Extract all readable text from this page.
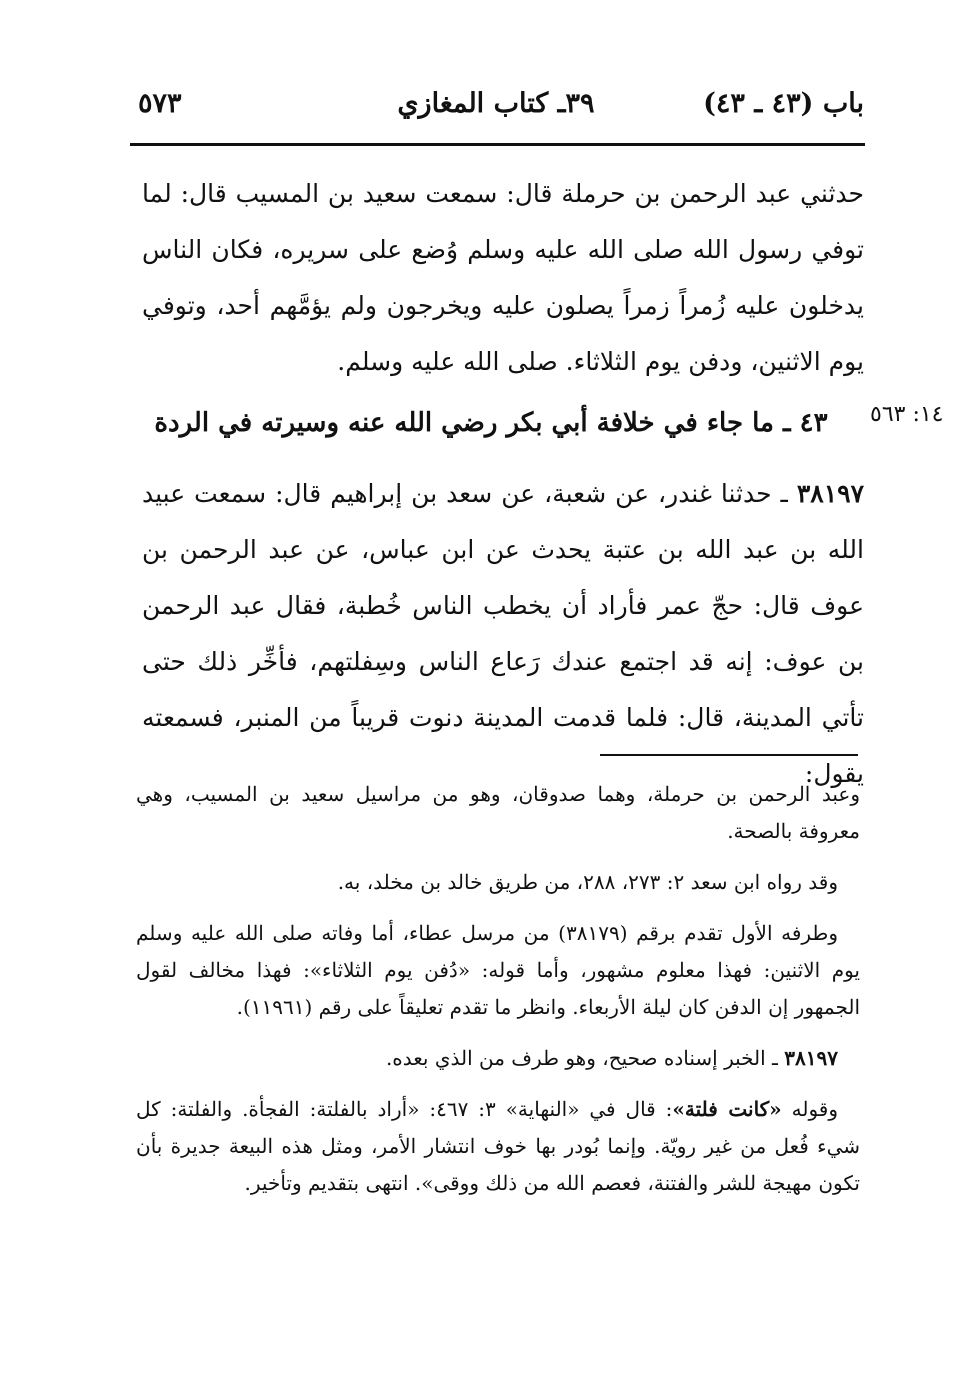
باب (٤٣ ـ ٤٣)
٣٩ـ كتاب المغازي
٥٧٣
حدثني عبد الرحمن بن حرملة قال: سمعت سعيد بن المسيب قال: لما توفي رسول الله صلى الله عليه وسلم وُضع على سريره، فكان الناس يدخلون عليه زُمراً زمراً يصلون عليه ويخرجون ولم يؤمَّهم أحد، وتوفي يوم الاثنين، ودفن يوم الثلاثاء. صلى الله عليه وسلم.
١٤: ٥٦٣
٤٣ ـ ما جاء في خلافة أبي بكر رضي الله عنه وسيرته في الردة
٣٨١٩٧ ـ حدثنا غندر، عن شعبة، عن سعد بن إبراهيم قال: سمعت عبيد الله بن عبد الله بن عتبة يحدث عن ابن عباس، عن عبد الرحمن بن عوف قال: حجّ عمر فأراد أن يخطب الناس خُطبة، فقال عبد الرحمن بن عوف: إنه قد اجتمع عندك رَعاع الناس وسِفلتهم، فأخِّر ذلك حتى تأتي المدينة، قال: فلما قدمت المدينة دنوت قريباً من المنبر، فسمعته يقول:

وعبد الرحمن بن حرملة، وهما صدوقان، وهو من مراسيل سعيد بن المسيب، وهي معروفة بالصحة.

وقد رواه ابن سعد ٢: ٢٧٣، ٢٨٨، من طريق خالد بن مخلد، به.

وطرفه الأول تقدم برقم (٣٨١٧٩) من مرسل عطاء، أما وفاته صلى الله عليه وسلم يوم الاثنين: فهذا معلوم مشهور، وأما قوله: «دُفن يوم الثلاثاء»: فهذا مخالف لقول الجمهور إن الدفن كان ليلة الأربعاء. وانظر ما تقدم تعليقاً على رقم (١١٩٦١).

٣٨١٩٧ ـ الخبر إسناده صحيح، وهو طرف من الذي بعده.

وقوله «كانت فلتة»: قال في «النهاية» ٣: ٤٦٧: «أراد بالفلتة: الفجأة. والفلتة: كل شيء فُعل من غير رويّة. وإنما بُودر بها خوف انتشار الأمر، ومثل هذه البيعة جديرة بأن تكون مهيجة للشر والفتنة، فعصم الله من ذلك ووقى». انتهى بتقديم وتأخير.
